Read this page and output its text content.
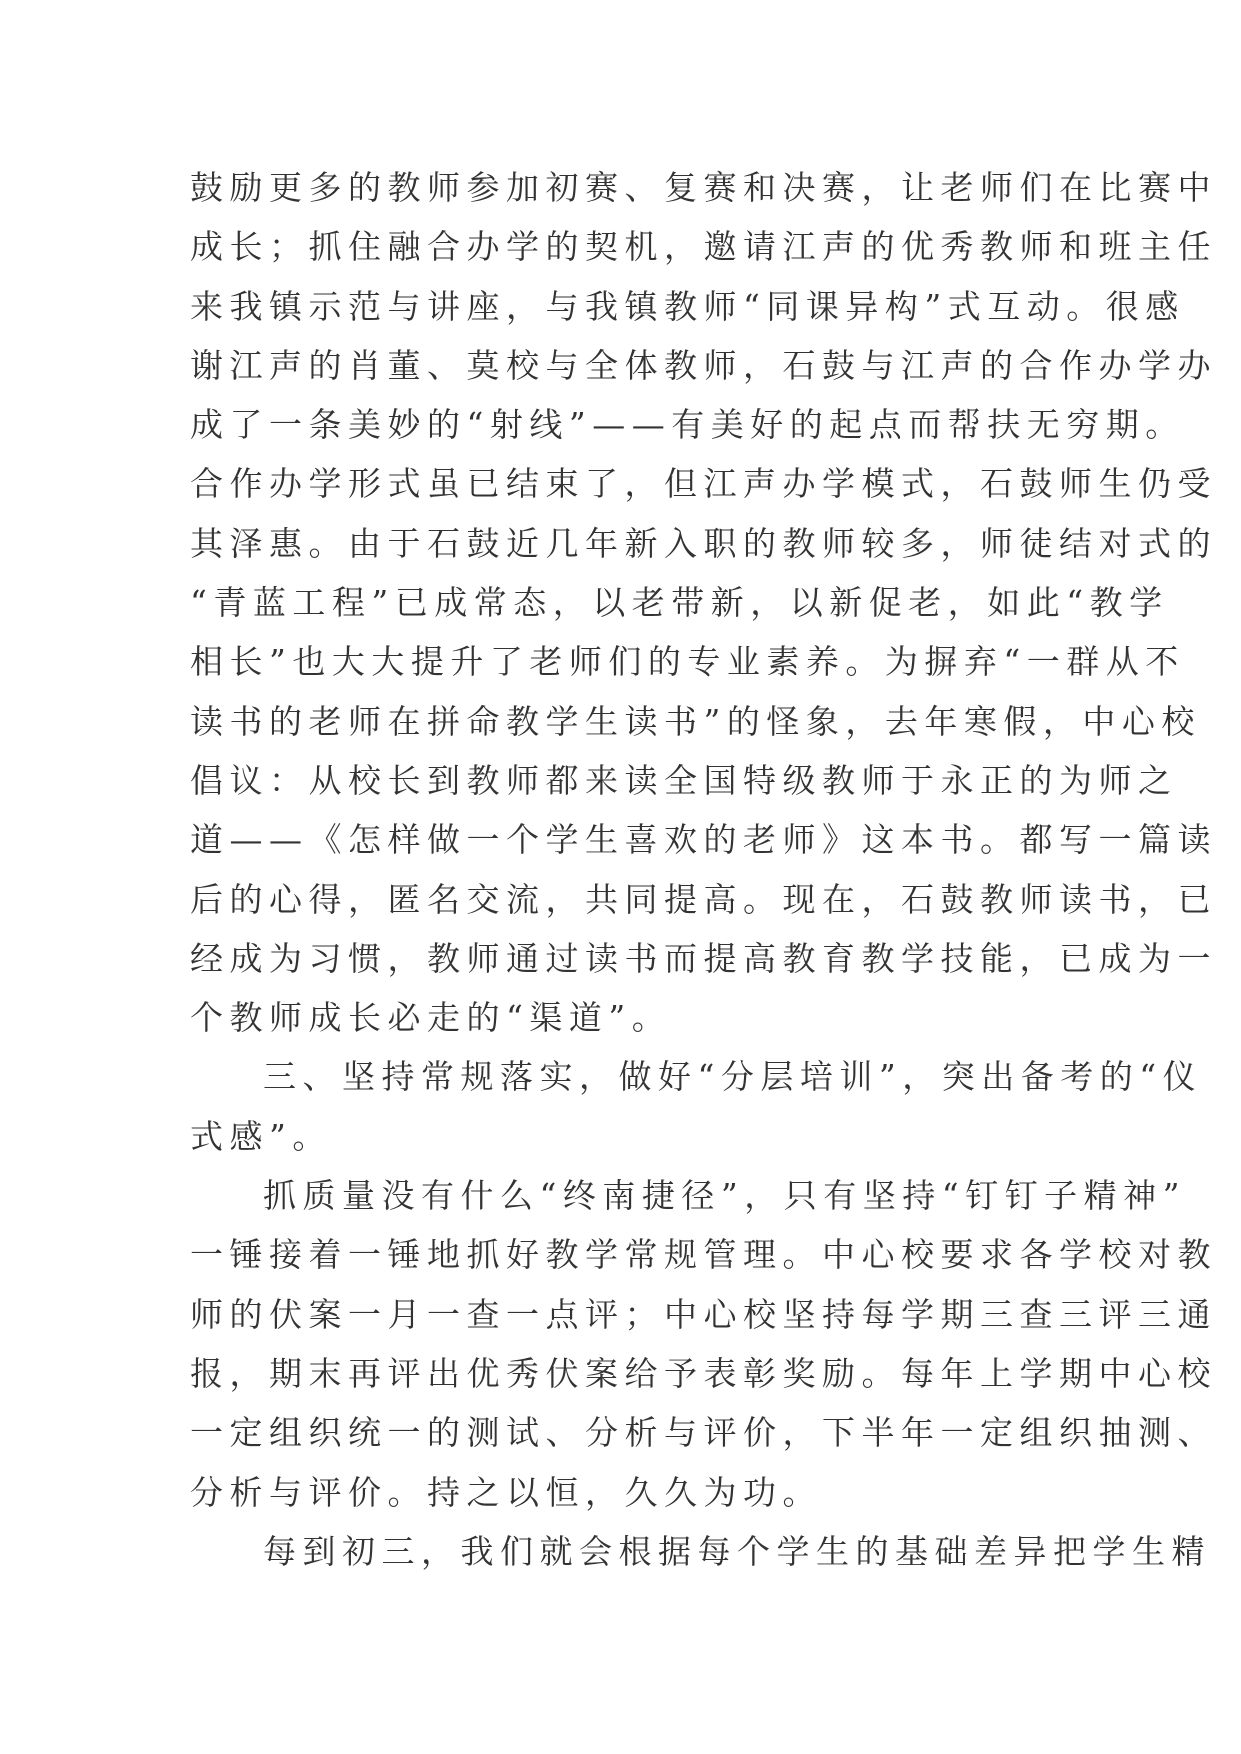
鼓励更多的教师参加初赛、复赛和决赛，让老师们在比赛中
成长；抓住融合办学的契机，邀请江声的优秀教师和班主任
来我镇示范与讲座，与我镇教师“同课异构”式互动。很感
谢江声的肖董、莫校与全体教师，石鼓与江声的合作办学办
成了一条美妙的“射线”——有美好的起点而帮扶无穷期。
合作办学形式虽已结束了，但江声办学模式，石鼓师生仍受
其泽惠。由于石鼓近几年新入职的教师较多，师徒结对式的
“青蓝工程”已成常态，以老带新，以新促老，如此“教学
相长”也大大提升了老师们的专业素养。为摒弃“一群从不
读书的老师在拼命教学生读书”的怪象，去年寒假，中心校
倡议：从校长到教师都来读全国特级教师于永正的为师之
道——《怎样做一个学生喜欢的老师》这本书。都写一篇读
后的心得，匿名交流，共同提高。现在，石鼓教师读书，已
经成为习惯，教师通过读书而提高教育教学技能，已成为一
个教师成长必走的“渠道”。
三、坚持常规落实，做好“分层培训”，突出备考的“仪
式感”。
抓质量没有什么“终南捷径”，只有坚持“钉钉子精神”
一锤接着一锤地抓好教学常规管理。中心校要求各学校对教
师的伏案一月一查一点评；中心校坚持每学期三查三评三通
报，期末再评出优秀伏案给予表彰奖励。每年上学期中心校
一定组织统一的测试、分析与评价，下半年一定组织抽测、
分析与评价。持之以恒，久久为功。
每到初三，我们就会根据每个学生的基础差异把学生精
